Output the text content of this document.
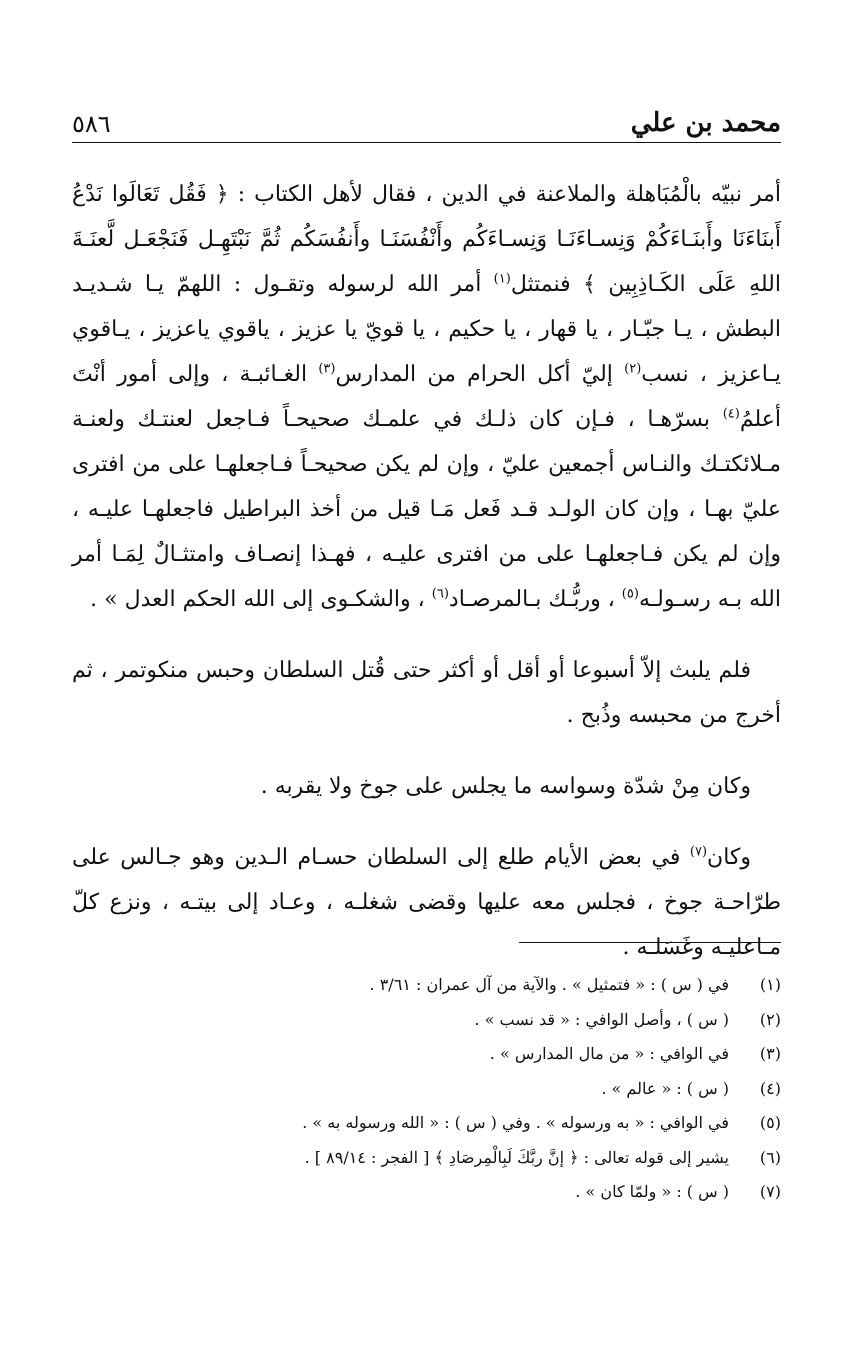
محمد بن علي
٥٨٦

أمر نبيّه بالْمُبَاهلة والملاعنة في الدين ، فقال لأهل الكتاب : ﴿ فَقُل تَعَالَوا نَدْعُ أَبنَاءَنَا وأَبنَـاءَكُمْ وَنِسـاءَنَـا وَنِسـاءَكُم وأَنْفُسَنَـا وأَنفُسَكُم ثُمَّ نَبْتَهِـل فَنَجْعَـل لَّعنَـةَ اللهِ عَلَى الكَـاذِبِين ﴾ فنمتثل$^{(١)}$ أمر الله لرسوله وتقـول : اللهمّ يـا شـديـد البطش ، يـا جبّـار ، يا قهار ، يا حكيم ، يا قويّ يا عزيز ، ياقوي ياعزيز ، يـاقوي يـاعزيز ، نسب$^{(٢)}$ إليّ أكل الحرام من المدارس$^{(٣)}$ الغـائبـة ، وإلى أمور أنْتَ أعلمُ$^{(٤)}$ بسرّهـا ، فـإن كان ذلـك في علمـك صحيحـاً فـاجعل لعنتـك ولعنـة مـلائكتـك والنـاس أجمعين عليّ ، وإن لم يكن صحيحـاً فـاجعلهـا على من افترى عليّ بهـا ، وإن كان الولـد قـد فَعل مَـا قيل من أخذ البراطيل فاجعلهـا عليـه ، وإن لم يكن فـاجعلهـا على من افترى عليـه ، فهـذا إنصـاف وامتثـالٌ لِمَـا أمر الله بـه رسـولـه$^{(٥)}$ ، وربُّـك بـالمرصـاد$^{(٦)}$ ، والشكـوى إلى الله الحكم العدل » .

فلم يلبث إلاّ أسبوعا أو أقل أو أكثر حتى قُتل السلطان وحبس منكوتمر ، ثم أخرج من محبسه وذُبح .

وكان مِنْ شدّة وسواسه ما يجلس على جوخ ولا يقربه .

وكان$^{(٧)}$ في بعض الأيام طلع إلى السلطان حسـام الـدين وهو جـالس على طرّاحـة جوخ ، فجلس معه عليها وقضى شغلـه ، وعـاد إلى بيتـه ، ونزع كلّ مـاعليـه وغَسَلـه .

(١)
في ( س ) : « فتمثيل » . والآية من آل عمران : ٣/٦١ .
(٢)
( س ) ، وأصل الوافي : « قد نسب » .
(٣)
في الوافي : « من مال المدارس » .
(٤)
( س ) : « عالم » .
(٥)
في الوافي : « به ورسوله » . وفي ( س ) : « الله ورسوله به » .
(٦)
يشير إلى قوله تعالى : ﴿ إنَّ ربَّكَ لَبِالْمِرصَادِ ﴾ [ الفجر : ٨٩/١٤ ] .
(٧)
( س ) : « ولمّا كان » .
